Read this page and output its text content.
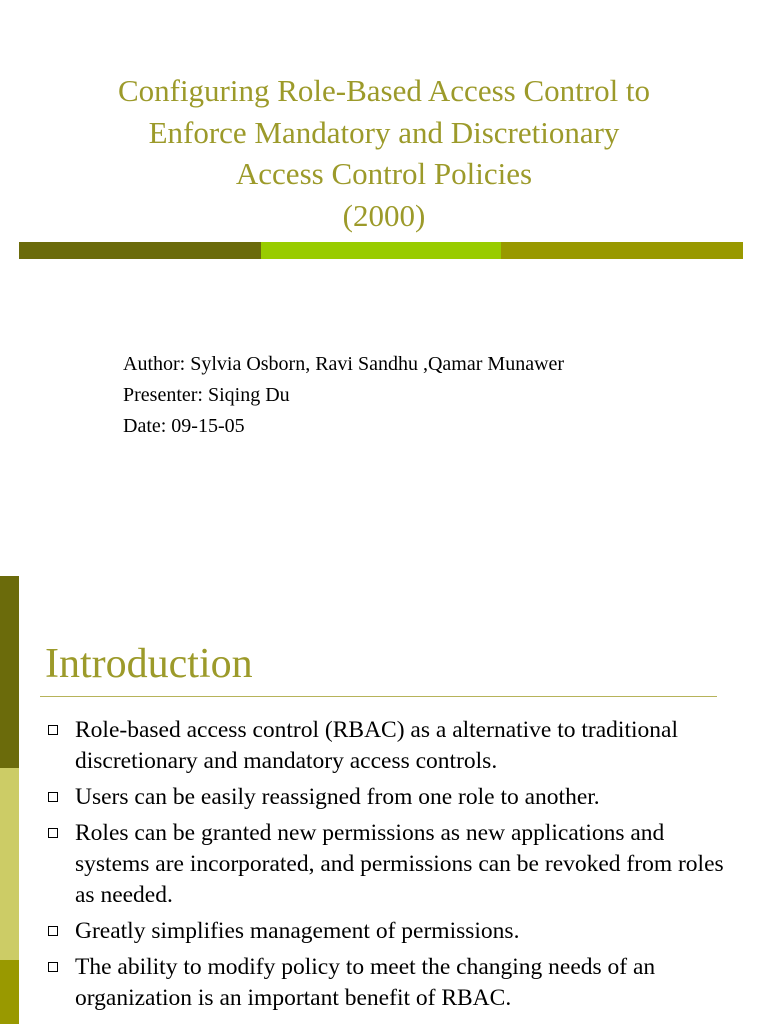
Configuring Role-Based Access Control to
Enforce Mandatory and Discretionary
Access Control Policies
(2000)
Author: Sylvia Osborn, Ravi Sandhu ,Qamar Munawer
Presenter: Siqing Du
Date: 09-15-05
Introduction
Role-based access control (RBAC) as a alternative to traditional discretionary and mandatory access controls.
Users can be easily reassigned from one role to another.
Roles can be granted new permissions as new applications and systems are incorporated, and permissions can be revoked from roles as needed.
Greatly simplifies management of permissions.
The ability to modify policy to meet the changing needs of an organization is an important benefit of RBAC.
